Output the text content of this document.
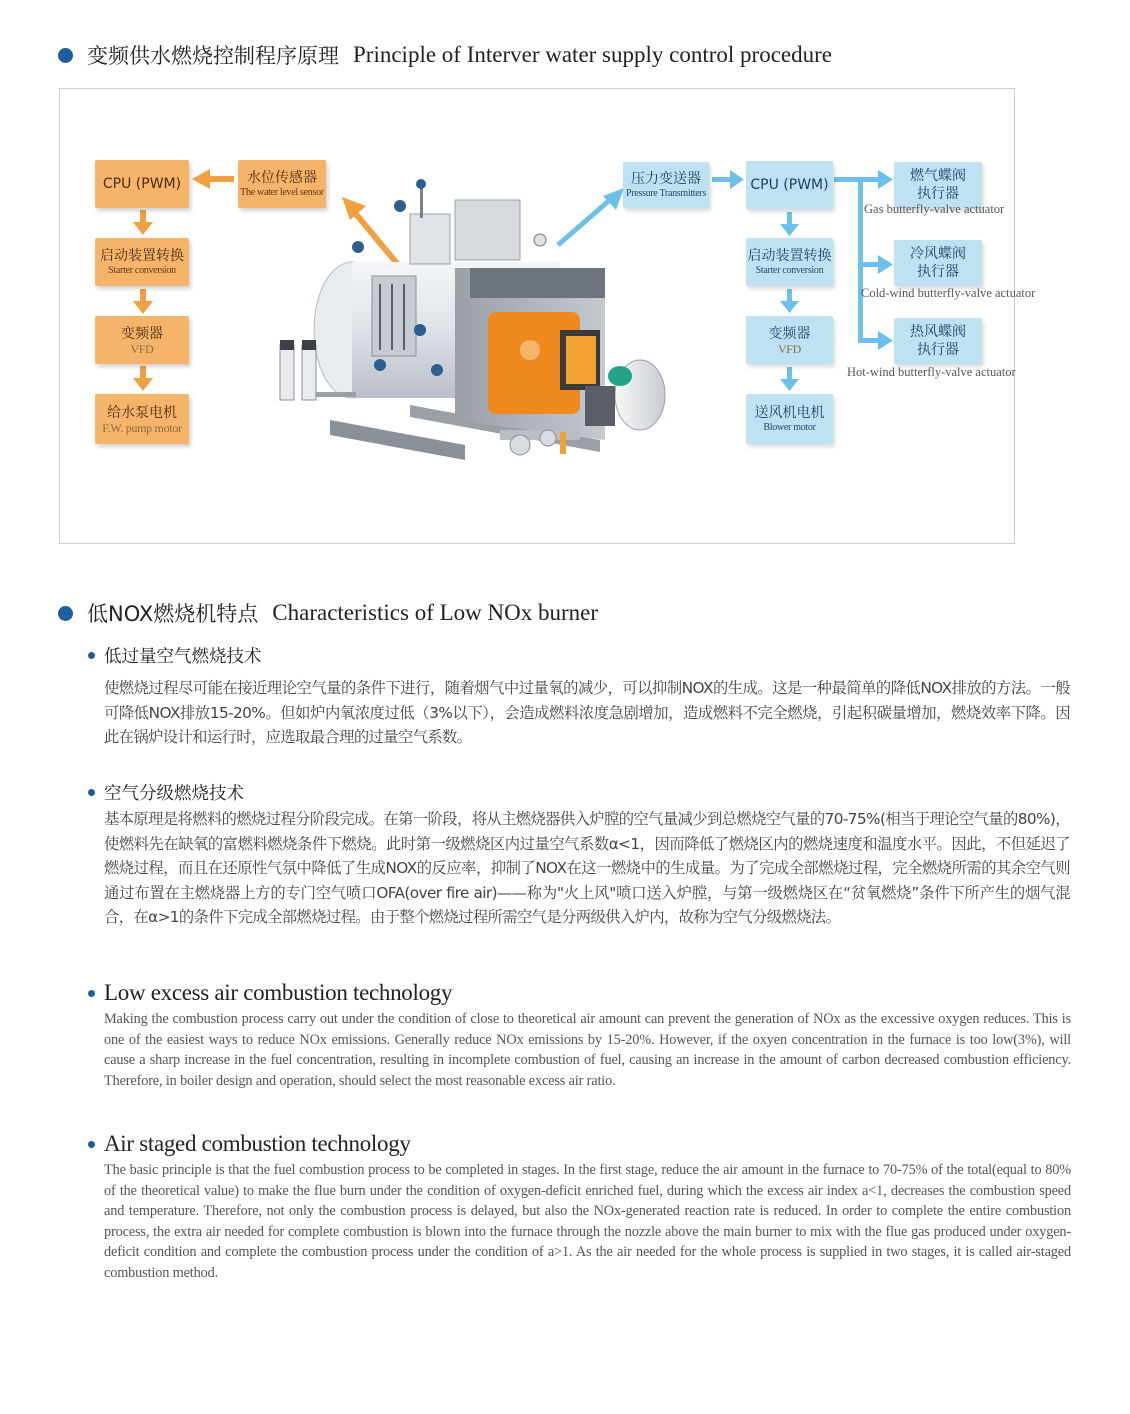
变频供水燃烧控制程序原理 Principle of Interver water supply control procedure
CPU (PWM)
启动装置转换
Starter conversion
变频器
VFD
给水泵电机
F.W. pump motor
水位传感器
The water level sensor
压力变送器
Pressure Transmitters
CPU (PWM)
启动装置转换
Starter conversion
变频器
VFD
送风机电机
Blower motor
燃气蝶阀
执行器
Gas butterfly-valve actuator
冷风蝶阀
执行器
Cold-wind butterfly-valve actuator
热风蝶阀
执行器
Hot-wind butterfly-valve actuator
低NOX燃烧机特点 Characteristics of Low NOx burner
低过量空气燃烧技术
使燃烧过程尽可能在接近理论空气量的条件下进行，随着烟气中过量氧的减少，可以抑制NOX的生成。这是一种最简单的降低NOX排放的方法。一般可降低NOX排放15-20%。但如炉内氧浓度过低（3%以下），会造成燃料浓度急剧增加，造成燃料不完全燃烧，引起积碳量增加，燃烧效率下降。因此在锅炉设计和运行时，应选取最合理的过量空气系数。
空气分级燃烧技术
基本原理是将燃料的燃烧过程分阶段完成。在第一阶段，将从主燃烧器供入炉膛的空气量减少到总燃烧空气量的70-75%(相当于理论空气量的80%)，使燃料先在缺氧的富燃料燃烧条件下燃烧。此时第一级燃烧区内过量空气系数α<1，因而降低了燃烧区内的燃烧速度和温度水平。因此，不但延迟了燃烧过程，而且在还原性气氛中降低了生成NOX的反应率，抑制了NOX在这一燃烧中的生成量。为了完成全部燃烧过程，完全燃烧所需的其余空气则通过布置在主燃烧器上方的专门空气喷口OFA(over fire air)——称为"火上风"喷口送入炉膛，与第一级燃烧区在“贫氧燃烧”条件下所产生的烟气混合，在α>1的条件下完成全部燃烧过程。由于整个燃烧过程所需空气是分两级供入炉内，故称为空气分级燃烧法。
Low excess air combustion technology
Making the combustion process carry out under the condition of close to theoretical air amount can prevent the generation of NOx as the excessive oxygen reduces. This is one of the easiest ways to reduce NOx emissions. Generally reduce NOx emissions by 15-20%. However, if the oxyen concentration in the furnace is too low(3%), will cause a sharp increase in the fuel concentration, resulting in incomplete combustion of fuel, causing an increase in the amount of carbon decreased combustion efficiency. Therefore, in boiler design and operation, should select the most reasonable excess air ratio.
Air staged combustion technology
The basic principle is that the fuel combustion process to be completed in stages. In the first stage, reduce the air amount in the furnace to 70-75% of the total(equal to 80% of the theoretical value) to make the flue burn under the condition of oxygen-deficit enriched fuel, during which the excess air index a<1, decreases the combustion speed and temperature. Therefore, not only the combustion process is delayed, but also the NOx-generated reaction rate is reduced. In order to complete the entire combustion process, the extra air needed for complete combustion is blown into the furnace through the nozzle above the main burner to mix with the flue gas produced under oxygen-deficit condition and complete the combustion process under the condition of a>1. As the air needed for the whole process is supplied in two stages, it is called air-staged combustion method.
